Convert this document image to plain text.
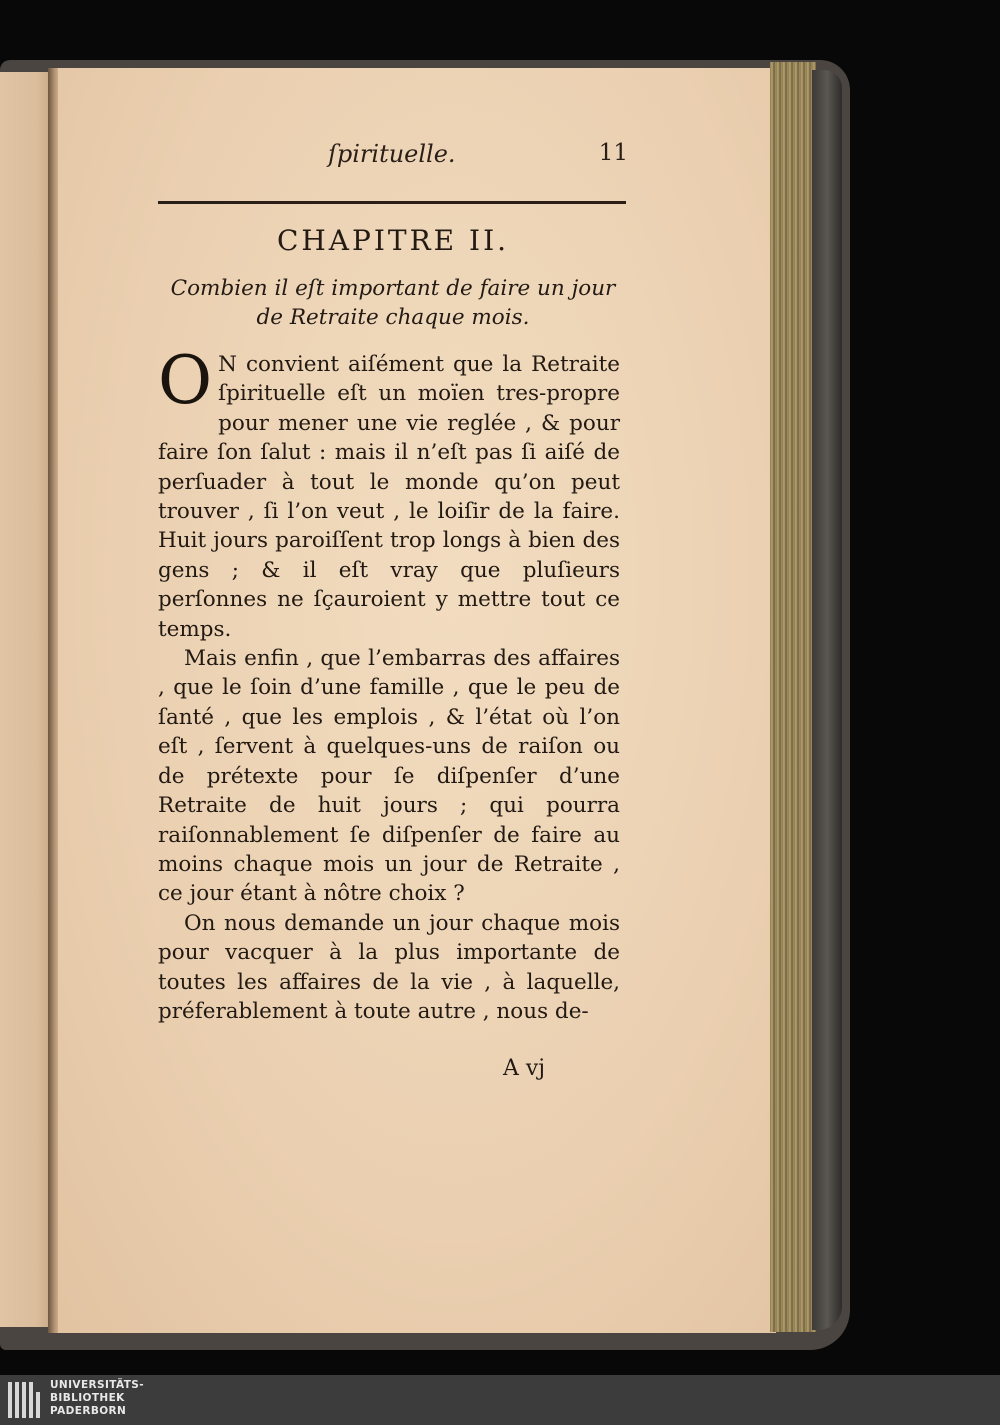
ſpirituelle.	11
CHAPITRE II.
Combien il eſt important de faire un jour de Retraite chaque mois.

O N convient aiſément que la Retraite ſpirituelle eſt un moïen tres-propre pour mener une vie reglée , & pour faire ſon ſalut : mais il n’eſt pas ſi aiſé de perſuader à tout le monde qu’on peut trouver , ſi l’on veut , le loiſir de la faire. Huit jours paroiſſent trop longs à bien des gens ; & il eſt vray que pluſieurs perſonnes ne ſçauroient y mettre tout ce temps.

Mais enfin , que l’embarras des affaires , que le ſoin d’une famille , que le peu de ſanté , que les emplois , & l’état où l’on eſt , ſervent à quelques-uns de raiſon ou de prétexte pour ſe diſpenſer d’une Retraite de huit jours ; qui pourra raiſonnablement ſe diſpenſer de faire au moins chaque mois un jour de Retraite , ce jour étant à nôtre choix ?

On nous demande un jour chaque mois pour vacquer à la plus importante de toutes les affaires de la vie , à laquelle, préferablement à toute autre , nous de-

A vj
UNIVERSITÄTS-
BIBLIOTHEK
PADERBORN
